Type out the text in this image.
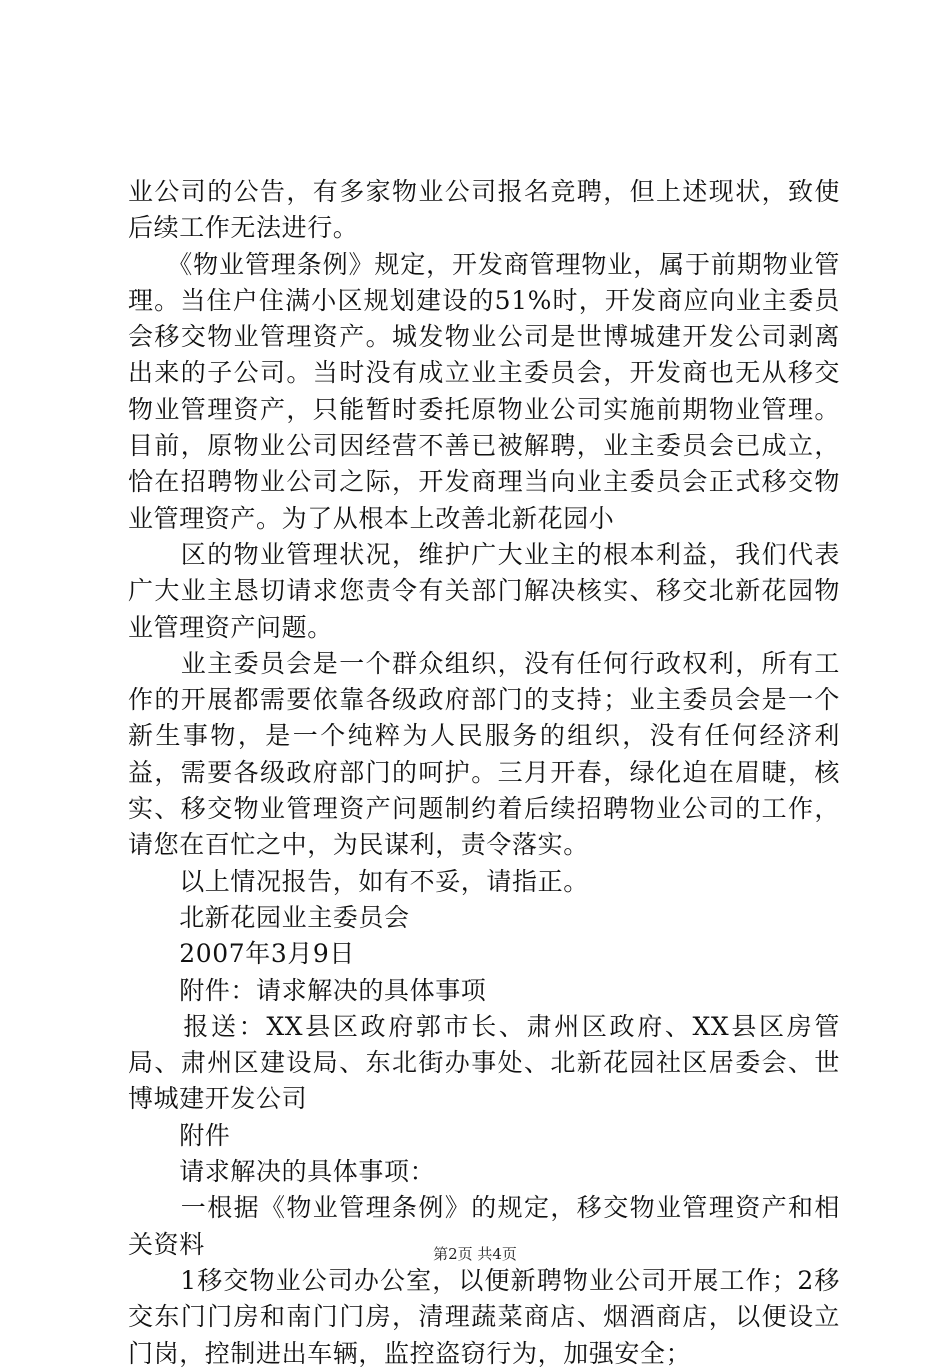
业公司的公告，有多家物业公司报名竞聘，但上述现状，致使后续工作无法进行。

　　《物业管理条例》规定，开发商管理物业，属于前期物业管理。当住户住满小区规划建设的51%时，开发商应向业主委员会移交物业管理资产。城发物业公司是世博城建开发公司剥离出来的子公司。当时没有成立业主委员会，开发商也无从移交物业管理资产，只能暂时委托原物业公司实施前期物业管理。目前，原物业公司因经营不善已被解聘，业主委员会已成立，恰在招聘物业公司之际，开发商理当向业主委员会正式移交物业管理资产。为了从根本上改善北新花园小

　　区的物业管理状况，维护广大业主的根本利益，我们代表广大业主恳切请求您责令有关部门解决核实、移交北新花园物业管理资产问题。

　　业主委员会是一个群众组织，没有任何行政权利，所有工作的开展都需要依靠各级政府部门的支持；业主委员会是一个新生事物，是一个纯粹为人民服务的组织，没有任何经济利益，需要各级政府部门的呵护。三月开春，绿化迫在眉睫，核实、移交物业管理资产问题制约着后续招聘物业公司的工作，请您在百忙之中，为民谋利，责令落实。

　　以上情况报告，如有不妥，请指正。

　　北新花园业主委员会

　　2007年3月9日

　　附件：请求解决的具体事项

　　报送：XX县区政府郭市长、肃州区政府、XX县区房管局、肃州区建设局、东北街办事处、北新花园社区居委会、世博城建开发公司

　　附件

　　请求解决的具体事项：

　　一根据《物业管理条例》的规定，移交物业管理资产和相关资料

　　1移交物业公司办公室，以便新聘物业公司开展工作；2移交东门门房和南门门房，清理蔬菜商店、烟酒商店，以便设立门岗，控制进出车辆，监控盗窃行为，加强安全；

第2页 共4页
